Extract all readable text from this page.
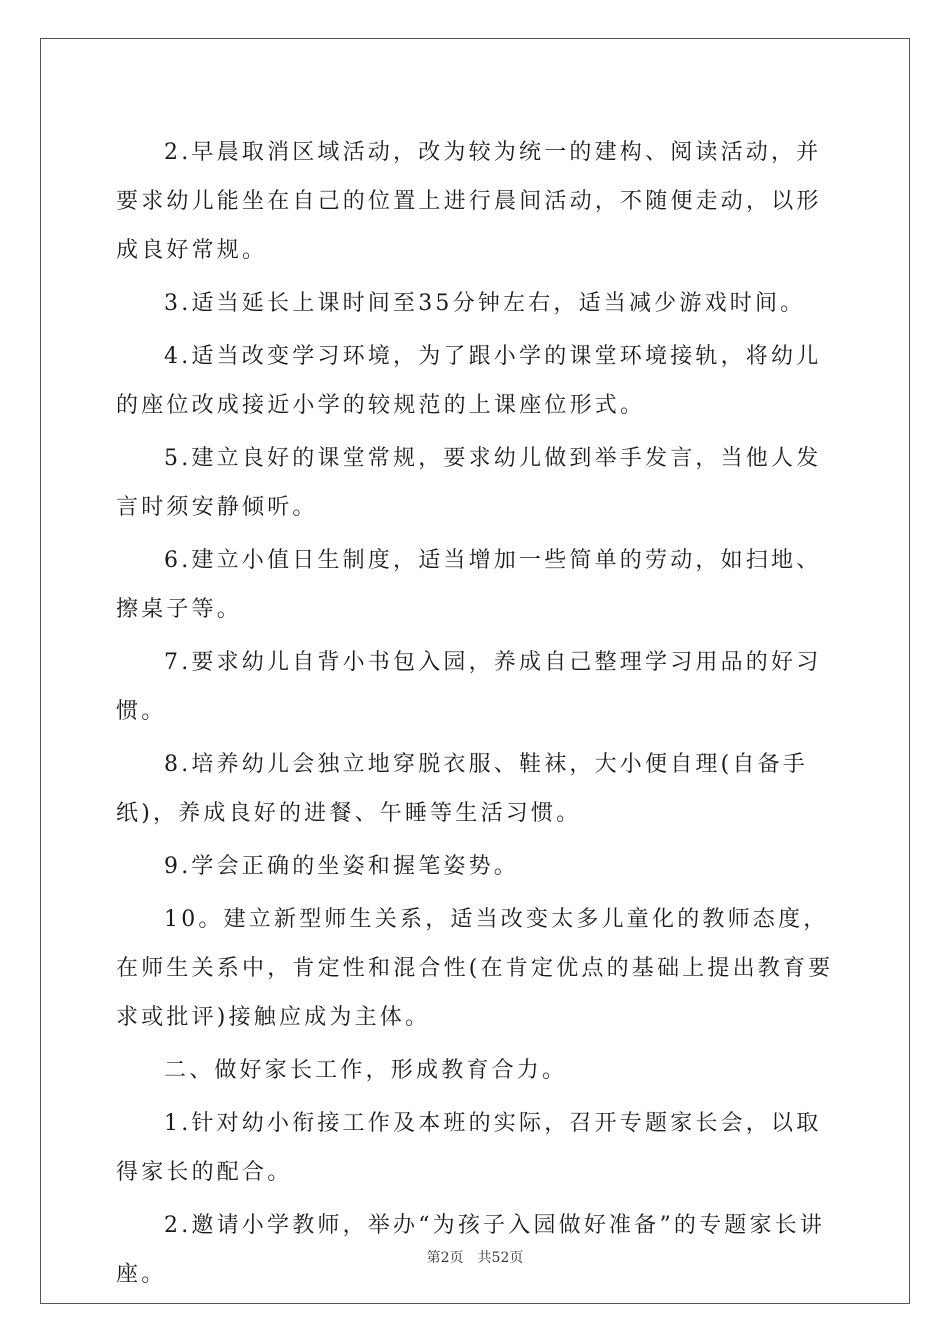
2.早晨取消区域活动，改为较为统一的建构、阅读活动，并要求幼儿能坐在自己的位置上进行晨间活动，不随便走动，以形成良好常规。

3.适当延长上课时间至35分钟左右，适当减少游戏时间。

4.适当改变学习环境，为了跟小学的课堂环境接轨，将幼儿的座位改成接近小学的较规范的上课座位形式。

5.建立良好的课堂常规，要求幼儿做到举手发言，当他人发言时须安静倾听。

6.建立小值日生制度，适当增加一些简单的劳动，如扫地、擦桌子等。

7.要求幼儿自背小书包入园，养成自己整理学习用品的好习惯。

8.培养幼儿会独立地穿脱衣服、鞋袜，大小便自理(自备手纸)，养成良好的进餐、午睡等生活习惯。

9.学会正确的坐姿和握笔姿势。

10。建立新型师生关系，适当改变太多儿童化的教师态度，在师生关系中，肯定性和混合性(在肯定优点的基础上提出教育要求或批评)接触应成为主体。

二、做好家长工作，形成教育合力。

1.针对幼小衔接工作及本班的实际，召开专题家长会，以取得家长的配合。

2.邀请小学教师，举办“为孩子入园做好准备”的专题家长讲座。

第2页 共52页
